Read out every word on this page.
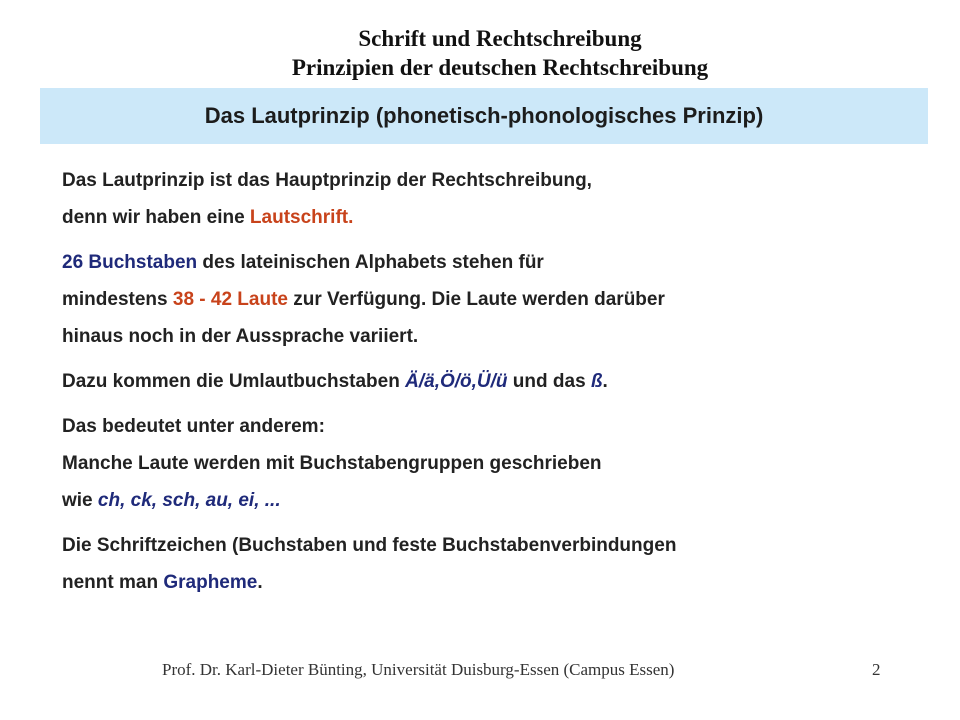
Schrift und Rechtschreibung
Prinzipien der deutschen Rechtschreibung
Das Lautprinzip (phonetisch-phonologisches Prinzip)
Das Lautprinzip ist das Hauptprinzip der Rechtschreibung,
denn wir haben eine Lautschrift.
26 Buchstaben des lateinischen Alphabets stehen für
mindestens 38 - 42 Laute zur Verfügung. Die Laute werden darüber
hinaus noch in der Aussprache variiert.
Dazu kommen die Umlautbuchstaben Ä/ä,Ö/ö,Ü/ü und das ß.
Das bedeutet unter anderem:
Manche Laute werden mit Buchstabengruppen geschrieben
wie ch, ck, sch, au, ei, ...
Die Schriftzeichen (Buchstaben und feste Buchstabenverbindungen
nennt man Grapheme.
Prof. Dr. Karl-Dieter Bünting, Universität Duisburg-Essen (Campus Essen)	2
